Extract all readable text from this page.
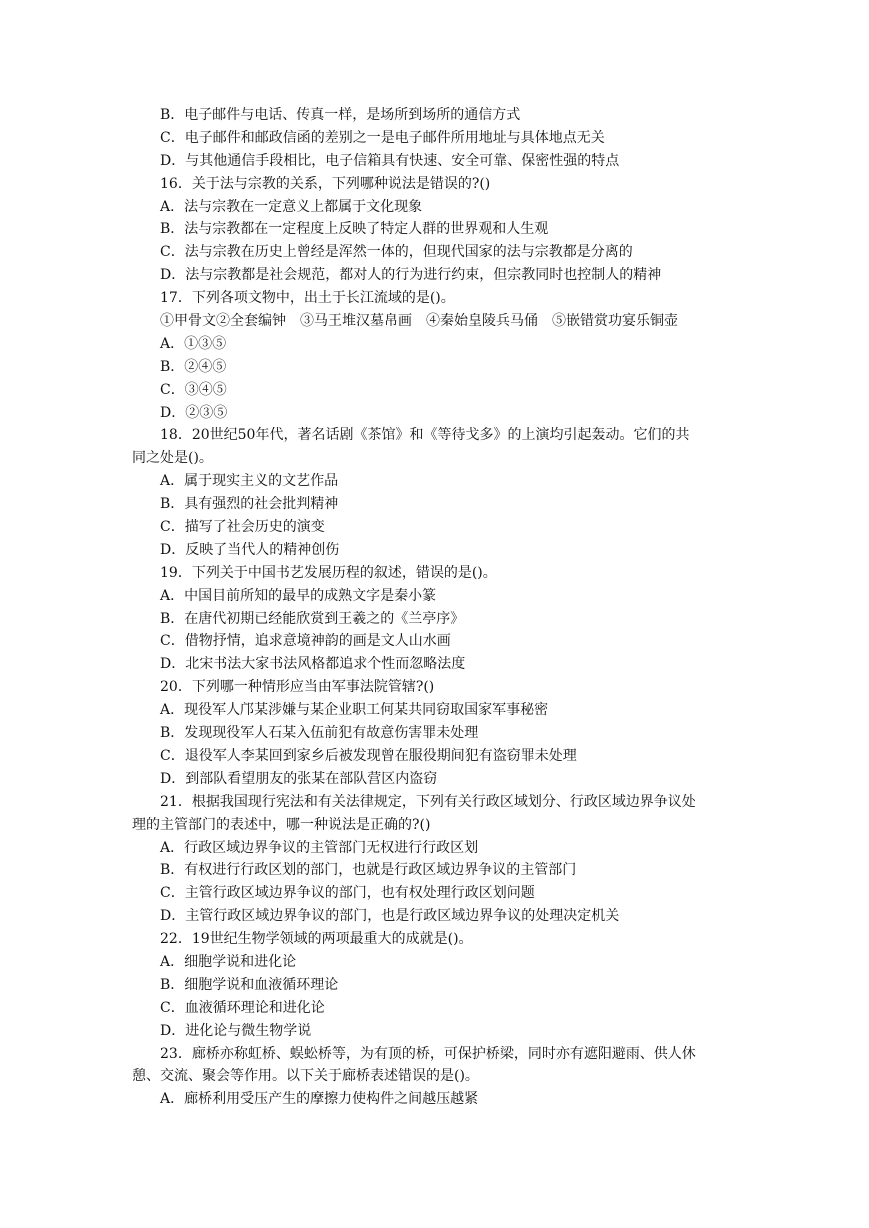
B．电子邮件与电话、传真一样，是场所到场所的通信方式
C．电子邮件和邮政信函的差别之一是电子邮件所用地址与具体地点无关
D．与其他通信手段相比，电子信箱具有快速、安全可靠、保密性强的特点
16．关于法与宗教的关系，下列哪种说法是错误的?()
A．法与宗教在一定意义上都属于文化现象
B．法与宗教都在一定程度上反映了特定人群的世界观和人生观
C．法与宗教在历史上曾经是浑然一体的，但现代国家的法与宗教都是分离的
D．法与宗教都是社会规范，都对人的行为进行约束，但宗教同时也控制人的精神
17．下列各项文物中，出土于长江流域的是()。
①甲骨文②全套编钟　③马王堆汉墓帛画　④秦始皇陵兵马俑　⑤嵌错赏功宴乐铜壶
A．①③⑤
B．②④⑤
C．③④⑤
D．②③⑤
18．20世纪50年代，著名话剧《茶馆》和《等待戈多》的上演均引起轰动。它们的共
同之处是()。
A．属于现实主义的文艺作品
B．具有强烈的社会批判精神
C．描写了社会历史的演变
D．反映了当代人的精神创伤
19．下列关于中国书艺发展历程的叙述，错误的是()。
A．中国目前所知的最早的成熟文字是秦小篆
B．在唐代初期已经能欣赏到王羲之的《兰亭序》
C．借物抒情，追求意境神韵的画是文人山水画
D．北宋书法大家书法风格都追求个性而忽略法度
20．下列哪一种情形应当由军事法院管辖?()
A．现役军人邝某涉嫌与某企业职工何某共同窃取国家军事秘密
B．发现现役军人石某入伍前犯有故意伤害罪未处理
C．退役军人李某回到家乡后被发现曾在服役期间犯有盗窃罪未处理
D．到部队看望朋友的张某在部队营区内盗窃
21．根据我国现行宪法和有关法律规定，下列有关行政区域划分、行政区域边界争议处
理的主管部门的表述中，哪一种说法是正确的?()
A．行政区域边界争议的主管部门无权进行行政区划
B．有权进行行政区划的部门，也就是行政区域边界争议的主管部门
C．主管行政区域边界争议的部门，也有权处理行政区划问题
D．主管行政区域边界争议的部门，也是行政区域边界争议的处理决定机关
22．19世纪生物学领域的两项最重大的成就是()。
A．细胞学说和进化论
B．细胞学说和血液循环理论
C．血液循环理论和进化论
D．进化论与微生物学说
23．廊桥亦称虹桥、蜈蚣桥等，为有顶的桥，可保护桥梁，同时亦有遮阳避雨、供人休
憩、交流、聚会等作用。以下关于廊桥表述错误的是()。
A．廊桥利用受压产生的摩擦力使构件之间越压越紧
